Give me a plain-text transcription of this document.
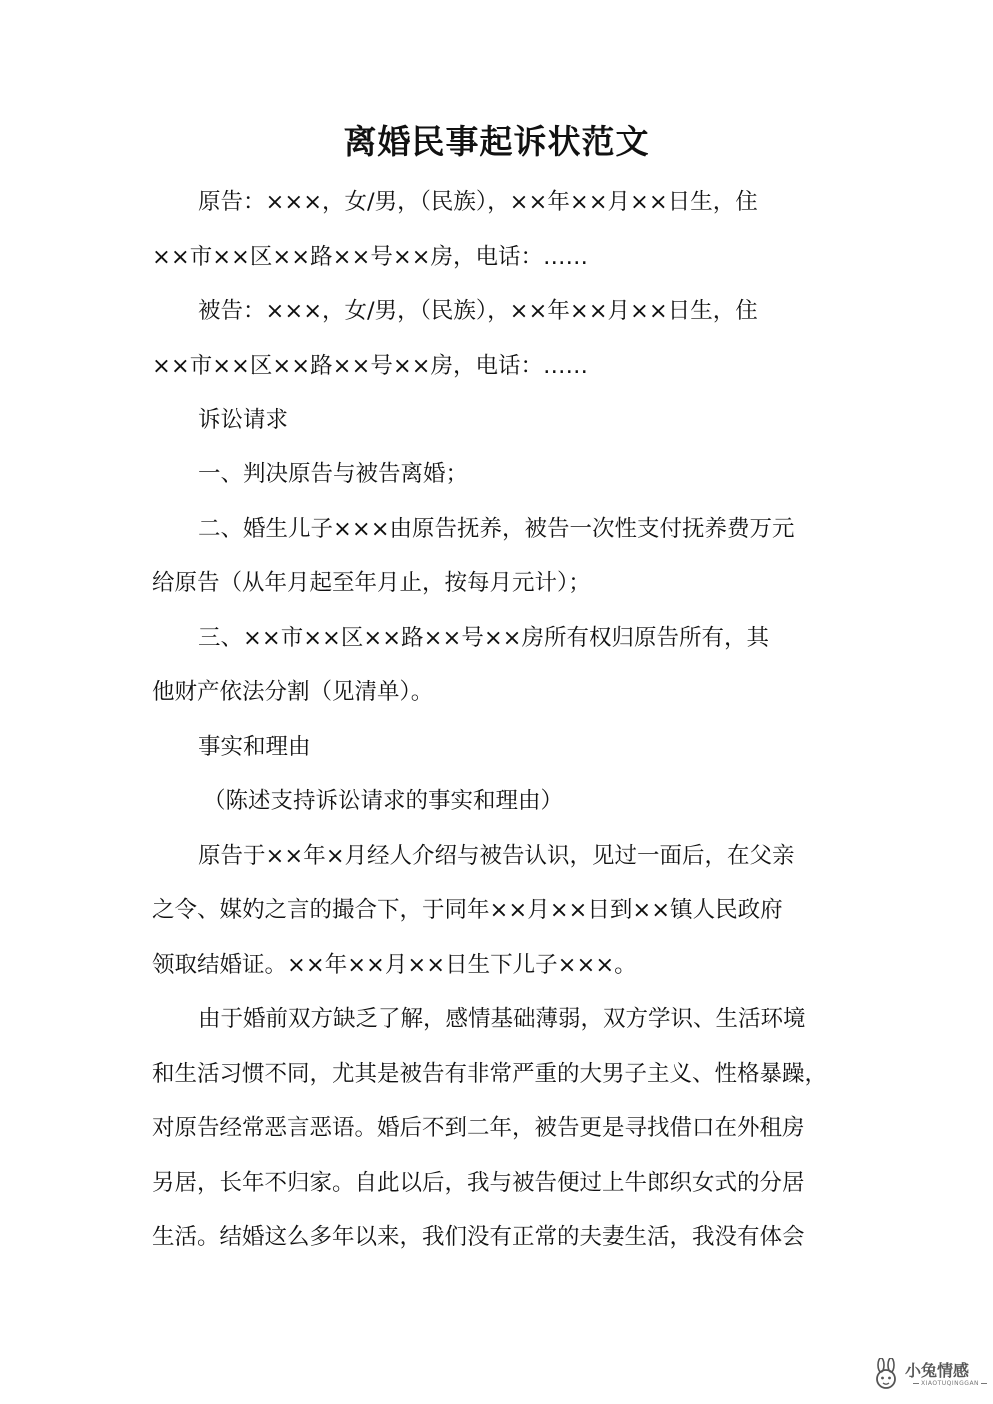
离婚民事起诉状范文
原告：×××，女/男，（民族），××年××月××日生，住
××市××区××路××号××房，电话：……
被告：×××，女/男，（民族），××年××月××日生，住
××市××区××路××号××房，电话：……
诉讼请求
一、判决原告与被告离婚；
二、婚生儿子×××由原告抚养，被告一次性支付抚养费万元
给原告（从年月起至年月止，按每月元计）；
三、××市××区××路××号××房所有权归原告所有，其
他财产依法分割（见清单）。
事实和理由
（陈述支持诉讼请求的事实和理由）
原告于××年×月经人介绍与被告认识，见过一面后，在父亲
之令、媒妁之言的撮合下，于同年××月××日到××镇人民政府
领取结婚证。××年××月××日生下儿子×××。
由于婚前双方缺乏了解，感情基础薄弱，双方学识、生活环境
和生活习惯不同，尤其是被告有非常严重的大男子主义、性格暴躁，
对原告经常恶言恶语。婚后不到二年，被告更是寻找借口在外租房
另居，长年不归家。自此以后，我与被告便过上牛郎织女式的分居
生活。结婚这么多年以来，我们没有正常的夫妻生活，我没有体会
小兔情感
XIAOTUQINGGAN
